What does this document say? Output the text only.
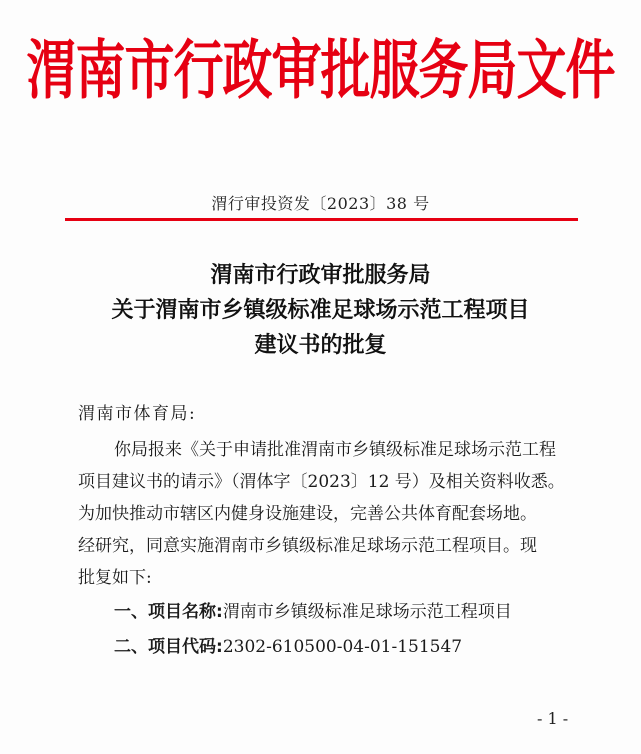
渭南市行政审批服务局文件
渭行审投资发〔2023〕38 号
渭南市行政审批服务局
关于渭南市乡镇级标准足球场示范工程项目
建议书的批复
渭南市体育局:
你局报来《关于申请批准渭南市乡镇级标准足球场示范工程
项目建议书的请示》（渭体字〔2023〕12 号）及相关资料收悉。
为加快推动市辖区内健身设施建设，完善公共体育配套场地。
经研究，同意实施渭南市乡镇级标准足球场示范工程项目。现
批复如下:
一、项目名称:渭南市乡镇级标准足球场示范工程项目
二、项目代码:2302-610500-04-01-151547
- 1 -
